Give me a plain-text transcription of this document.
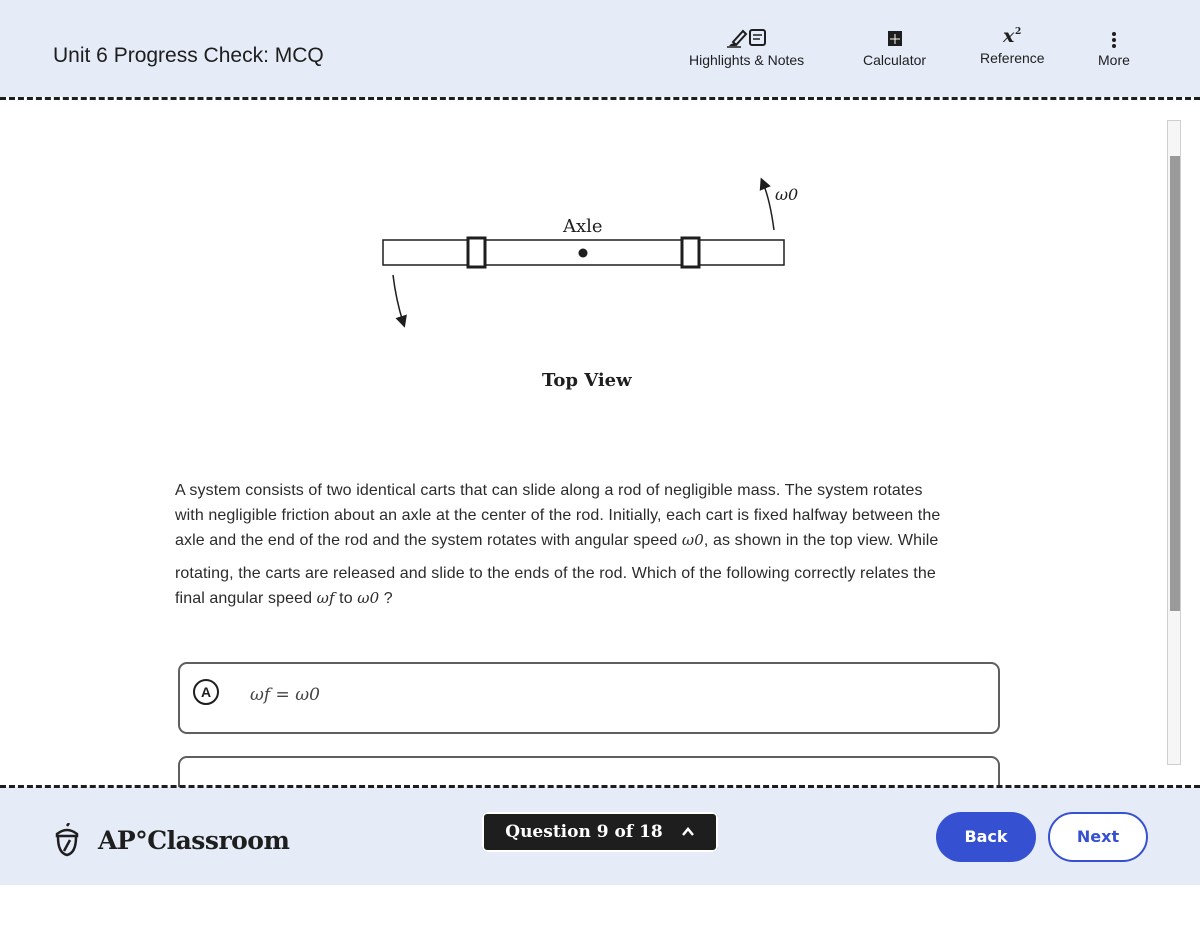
Unit 6 Progress Check: MCQ	Highlights & Notes	Calculator
x 2
Reference	More
Axle
ω0
Top View

A system consists of two identical carts that can slide along a rod of negligible mass. The system rotates

with negligible friction about an axle at the center of the rod. Initially, each cart is fixed halfway between the

axle and the end of the rod and the system rotates with angular speed ω0, as shown in the top view. While

rotating, the carts are released and slide to the ends of the rod. Which of the following correctly relates the

final angular speed ωf to ω0 ?

A	ωf = ω0
AP°Classroom	Question 9 of 18	Back	Next
